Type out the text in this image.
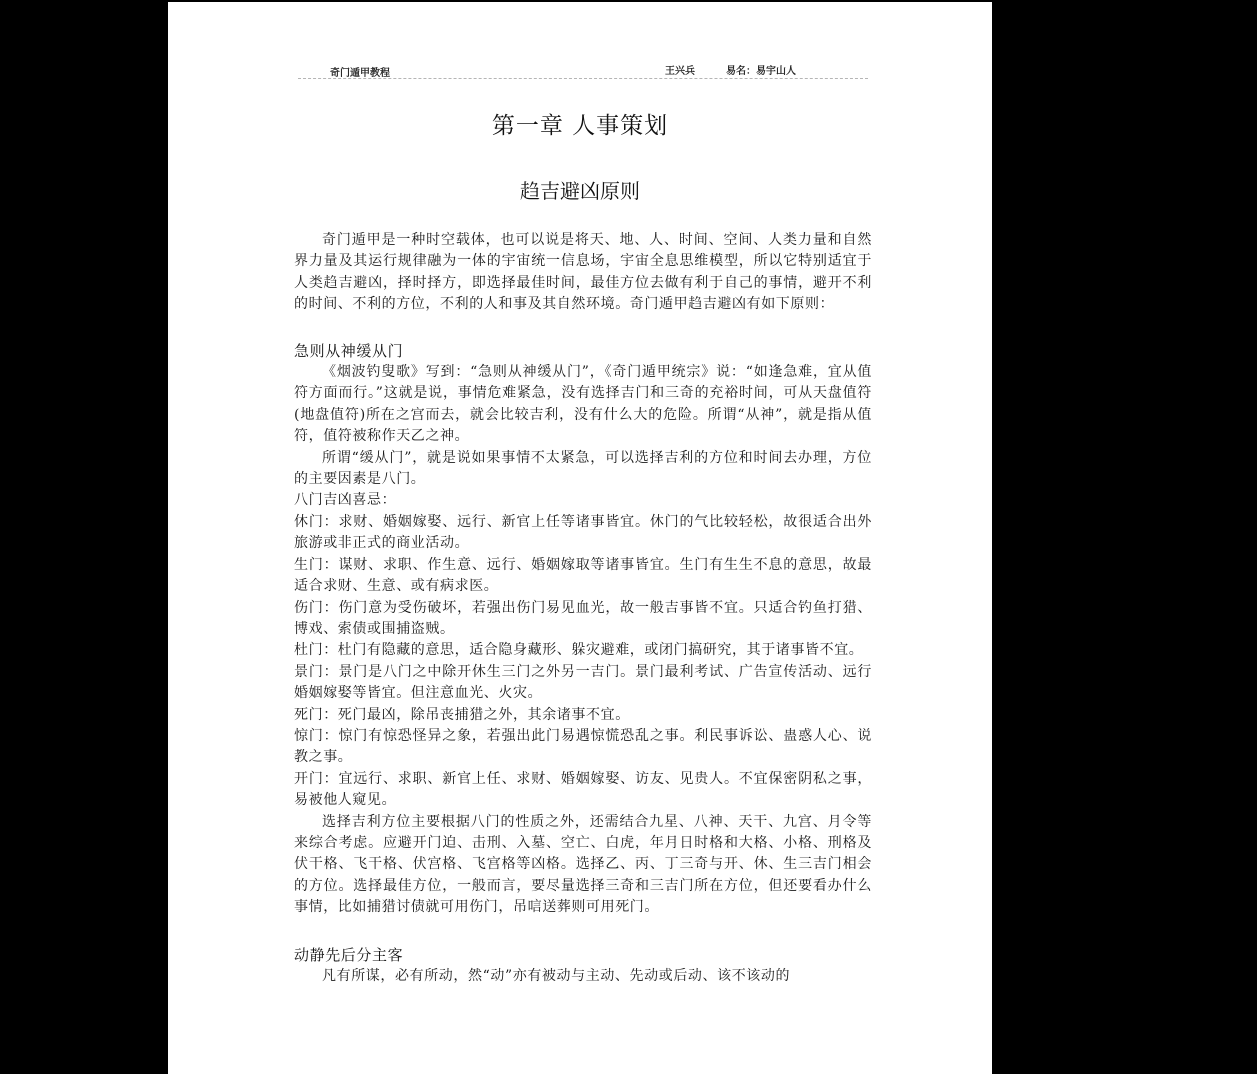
奇门遁甲教程	王兴兵	易名：易宇山人
第一章 人事策划
趋吉避凶原则

奇门遁甲是一种时空载体，也可以说是将天、地、人、时间、空间、人类力量和自然界力量及其运行规律融为一体的宇宙统一信息场，宇宙全息思维模型，所以它特别适宜于人类趋吉避凶，择时择方，即选择最佳时间，最佳方位去做有利于自己的事情，避开不利的时间、不利的方位，不利的人和事及其自然环境。奇门遁甲趋吉避凶有如下原则：

急则从神缓从门

《烟波钓叟歌》写到：“急则从神缓从门”，《奇门遁甲统宗》说：“如逢急难，宜从值符方面而行。”这就是说，事情危难紧急，没有选择吉门和三奇的充裕时间，可从天盘值符(地盘值符)所在之宫而去，就会比较吉利，没有什么大的危险。所谓“从神”，就是指从值符，值符被称作天乙之神。

所谓“缓从门”，就是说如果事情不太紧急，可以选择吉利的方位和时间去办理，方位的主要因素是八门。

八门吉凶喜忌：

休门：求财、婚姻嫁娶、远行、新官上任等诸事皆宜。休门的气比较轻松，故很适合出外旅游或非正式的商业活动。

生门：谋财、求职、作生意、远行、婚姻嫁取等诸事皆宜。生门有生生不息的意思，故最适合求财、生意、或有病求医。

伤门：伤门意为受伤破坏，若强出伤门易见血光，故一般吉事皆不宜。只适合钓鱼打猎、博戏、索债或围捕盗贼。

杜门：杜门有隐藏的意思，适合隐身藏形、躲灾避难，或闭门搞研究，其于诸事皆不宜。

景门：景门是八门之中除开休生三门之外另一吉门。景门最利考试、广告宣传活动、远行婚姻嫁娶等皆宜。但注意血光、火灾。

死门：死门最凶，除吊丧捕猎之外，其余诸事不宜。

惊门：惊门有惊恐怪异之象，若强出此门易遇惊慌恐乱之事。利民事诉讼、蛊惑人心、说教之事。

开门：宜远行、求职、新官上任、求财、婚姻嫁娶、访友、见贵人。不宜保密阴私之事，易被他人窥见。

选择吉利方位主要根据八门的性质之外，还需结合九星、八神、天干、九宫、月令等来综合考虑。应避开门迫、击刑、入墓、空亡、白虎，年月日时格和大格、小格、刑格及伏干格、飞干格、伏宫格、飞宫格等凶格。选择乙、丙、丁三奇与开、休、生三吉门相会的方位。选择最佳方位，一般而言，要尽量选择三奇和三吉门所在方位，但还要看办什么事情，比如捕猎讨债就可用伤门，吊唁送葬则可用死门。

动静先后分主客

凡有所谋，必有所动，然“动”亦有被动与主动、先动或后动、该不该动的
